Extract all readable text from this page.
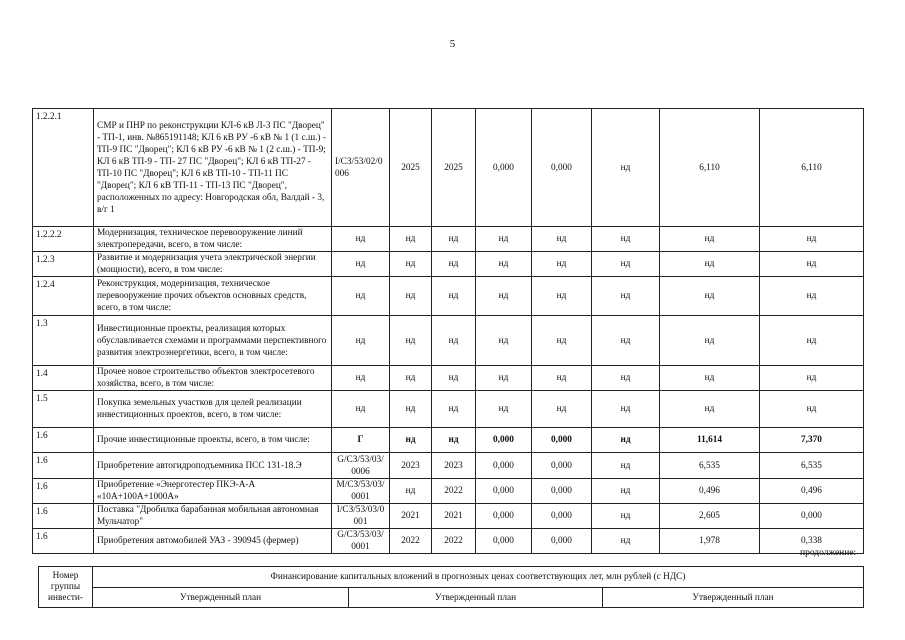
5
1.2.2.1	СМР и ПНР по реконструкции КЛ-6 кВ Л-3 ПС "Дворец" - ТП-1, инв. №865191148; КЛ 6 кВ РУ -6 кВ № 1 (1 с.ш.) - ТП-9 ПС "Дворец"; КЛ 6 кВ РУ -6 кВ № 1 (2 с.ш.) - ТП-9; КЛ 6 кВ ТП-9 - ТП- 27 ПС "Дворец"; КЛ 6 кВ ТП-27 - ТП-10 ПС "Дворец"; КЛ 6 кВ ТП-10 - ТП-11 ПС "Дворец"; КЛ 6 кВ ТП-11 - ТП-13 ПС "Дворец", расположенных по адресу: Новгородская обл, Валдай - 3, в/г 1	I/СЗ/53/02/0 006	2025	2025	0,000	0,000	нд	6,110	6,110
1.2.2.2	Модернизация, техническое перевооружение линий электропередачи, всего, в том числе:	нд	нд	нд	нд	нд	нд	нд	нд
1.2.3	Развитие и модернизация учета электрической энергии (мощности), всего, в том числе:	нд	нд	нд	нд	нд	нд	нд	нд
1.2.4	Реконструкция, модернизация, техническое перевооружение прочих объектов основных средств, всего, в том числе:	нд	нд	нд	нд	нд	нд	нд	нд
1.3	Инвестиционные проекты, реализация которых обуславливается схемами и программами перспективного развития электроэнергетики, всего, в том числе:	нд	нд	нд	нд	нд	нд	нд	нд
1.4	Прочее новое строительство объектов электросетевого хозяйства, всего, в том числе:	нд	нд	нд	нд	нд	нд	нд	нд
1.5	Покупка земельных участков для целей реализации инвестиционных проектов, всего, в том числе:	нд	нд	нд	нд	нд	нд	нд	нд
1.6	Прочие инвестиционные проекты, всего, в том числе:	Г	нд	нд	0,000	0,000	нд	11,614	7,370
1.6	Приобретение автогидроподъемника ПСС 131-18.Э	G/СЗ/53/03/ 0006	2023	2023	0,000	0,000	нд	6,535	6,535
1.6	Приобретение «Энерготестер ПКЭ-А-А «10А+100А+1000А»	M/СЗ/53/03/ 0001	нд	2022	0,000	0,000	нд	0,496	0,496
1.6	Поставка "Дробилка барабанная мобильная автономная Мульчатор"	I/СЗ/53/03/0 001	2021	2021	0,000	0,000	нд	2,605	0,000
1.6	Приобретения автомобилей УАЗ - 390945 (фермер)	G/СЗ/53/03/ 0001	2022	2022	0,000	0,000	нд	1,978	0,338
продолжение:
Номер группы инвести-	Финансирование капитальных вложений в прогнозных ценах соответствующих лет, млн рублей (с НДС)		
	Утвержденный план	Утвержденный план	Утвержденный план
